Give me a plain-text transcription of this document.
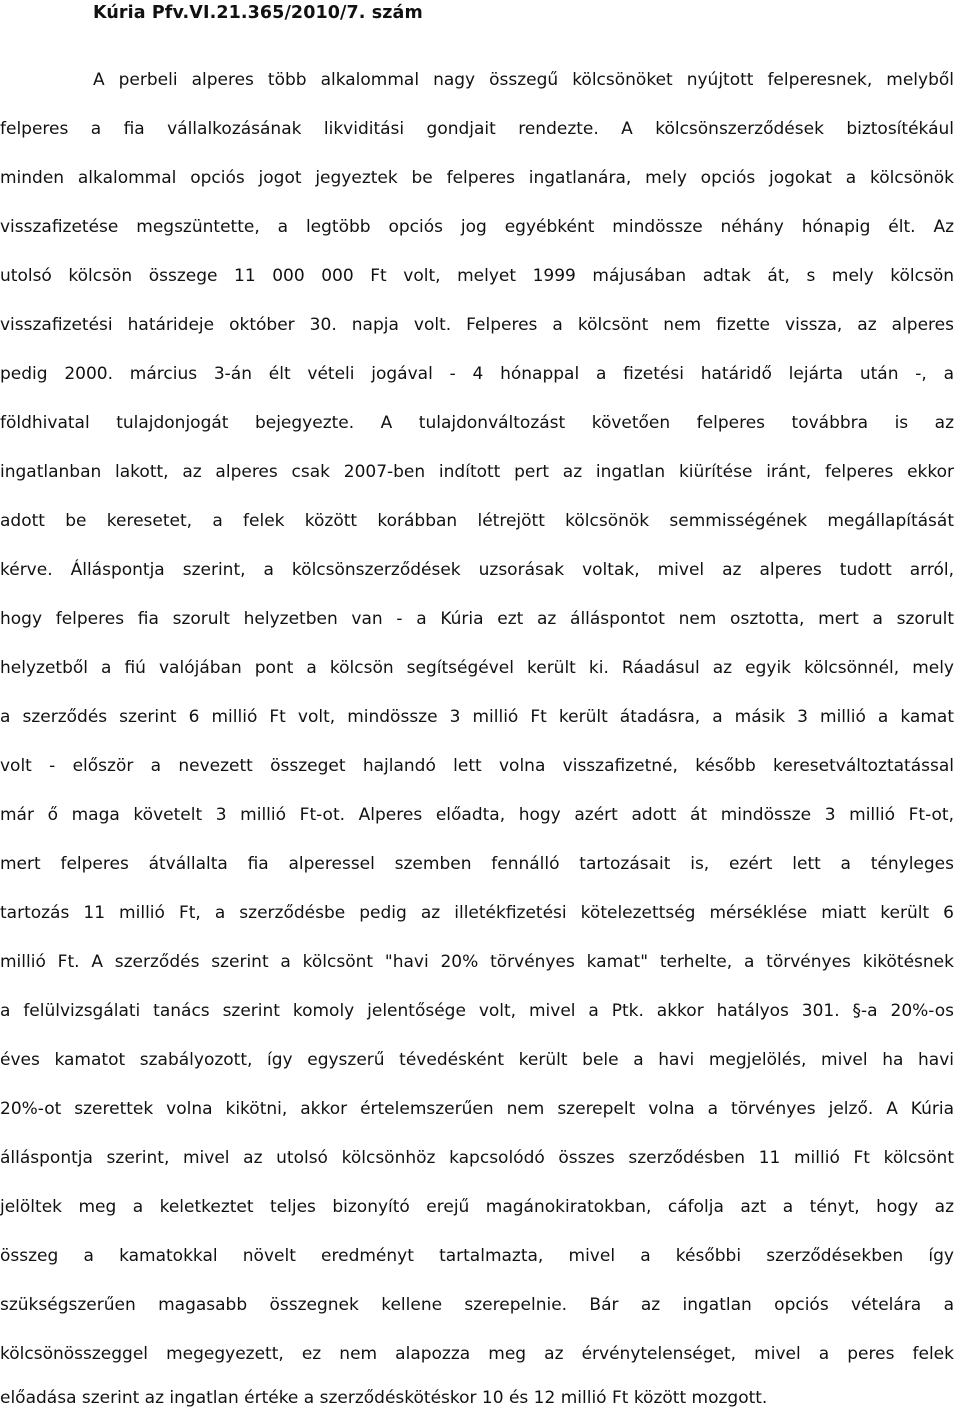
Kúria Pfv.VI.21.365/2010/7. szám
A perbeli alperes több alkalommal nagy összegű kölcsönöket nyújtott felperesnek, melyből
felperes a fia vállalkozásának likviditási gondjait rendezte. A kölcsönszerződések biztosítékául
minden alkalommal opciós jogot jegyeztek be felperes ingatlanára, mely opciós jogokat a kölcsönök
visszafizetése megszüntette, a legtöbb opciós jog egyébként mindössze néhány hónapig élt. Az
utolsó kölcsön összege 11 000 000 Ft volt, melyet 1999 májusában adtak át, s mely kölcsön
visszafizetési határideje október 30. napja volt. Felperes a kölcsönt nem fizette vissza, az alperes
pedig 2000. március 3-án élt vételi jogával - 4 hónappal a fizetési határidő lejárta után -, a
földhivatal tulajdonjogát bejegyezte. A tulajdonváltozást követően felperes továbbra is az
ingatlanban lakott, az alperes csak 2007-ben indított pert az ingatlan kiürítése iránt, felperes ekkor
adott be keresetet, a felek között korábban létrejött kölcsönök semmisségének megállapítását
kérve. Álláspontja szerint, a kölcsönszerződések uzsorásak voltak, mivel az alperes tudott arról,
hogy felperes fia szorult helyzetben van - a Kúria ezt az álláspontot nem osztotta, mert a szorult
helyzetből a fiú valójában pont a kölcsön segítségével került ki. Ráadásul az egyik kölcsönnél, mely
a szerződés szerint 6 millió Ft volt, mindössze 3 millió Ft került átadásra, a másik 3 millió a kamat
volt - először a nevezett összeget hajlandó lett volna visszafizetné, később keresetváltoztatással
már ő maga követelt 3 millió Ft-ot. Alperes előadta, hogy azért adott át mindössze 3 millió Ft-ot,
mert felperes átvállalta fia alperessel szemben fennálló tartozásait is, ezért lett a tényleges
tartozás 11 millió Ft, a szerződésbe pedig az illetékfizetési kötelezettség mérséklése miatt került 6
millió Ft. A szerződés szerint a kölcsönt "havi 20% törvényes kamat" terhelte, a törvényes kikötésnek
a felülvizsgálati tanács szerint komoly jelentősége volt, mivel a Ptk. akkor hatályos 301. §-a 20%-os
éves kamatot szabályozott, így egyszerű tévedésként került bele a havi megjelölés, mivel ha havi
20%-ot szerettek volna kikötni, akkor értelemszerűen nem szerepelt volna a törvényes jelző. A Kúria
álláspontja szerint, mivel az utolsó kölcsönhöz kapcsolódó összes szerződésben 11 millió Ft kölcsönt
jelöltek meg a keletkeztet teljes bizonyító erejű magánokiratokban, cáfolja azt a tényt, hogy az
összeg a kamatokkal növelt eredményt tartalmazta, mivel a későbbi szerződésekben így
szükségszerűen magasabb összegnek kellene szerepelnie. Bár az ingatlan opciós vételára a
kölcsönösszeggel megegyezett, ez nem alapozza meg az érvénytelenséget, mivel a peres felek
előadása szerint az ingatlan értéke a szerződéskötéskor 10 és 12 millió Ft között mozgott.
